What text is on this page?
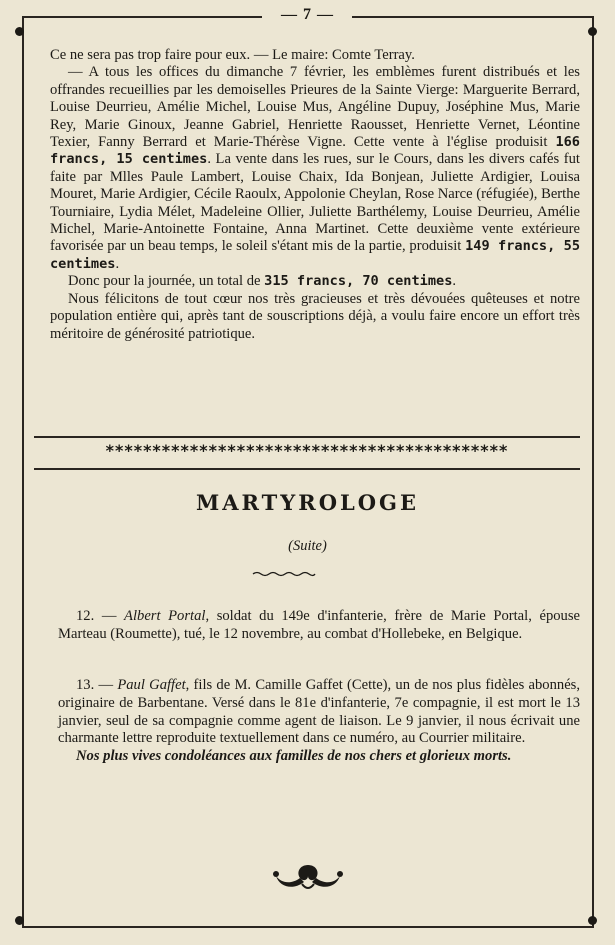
— 7 —

Ce ne sera pas trop faire pour eux. — Le maire: Comte Terray.

— A tous les offices du dimanche 7 février, les emblèmes furent distribués et les offrandes recueillies par les demoiselles Prieures de la Sainte Vierge: Marguerite Berrard, Louise Deurrieu, Amélie Michel, Louise Mus, Angéline Dupuy, Joséphine Mus, Marie Rey, Marie Ginoux, Jeanne Gabriel, Henriette Raousset, Henriette Vernet, Léontine Texier, Fanny Berrard et Marie-Thérèse Vigne. Cette vente à l'église produisit 166 francs, 15 centimes. La vente dans les rues, sur le Cours, dans les divers cafés fut faite par Mlles Paule Lambert, Louise Chaix, Ida Bonjean, Juliette Ardigier, Louisa Mouret, Marie Ardigier, Cécile Raoulx, Appolonie Cheylan, Rose Narce (réfugiée), Berthe Tourniaire, Lydia Mélet, Madeleine Ollier, Juliette Barthélemy, Louise Deurrieu, Amélie Michel, Marie-Antoinette Fontaine, Anna Martinet. Cette deuxième vente extérieure favorisée par un beau temps, le soleil s'étant mis de la partie, produisit 149 francs, 55 centimes.

Donc pour la journée, un total de 315 francs, 70 centimes.

Nous félicitons de tout cœur nos très gracieuses et très dévouées quêteuses et notre population entière qui, après tant de souscriptions déjà, a voulu faire encore un effort très méritoire de générosité patriotique.

*******************************************
MARTYROLOGE
(Suite)

12. — Albert Portal, soldat du 149e d'infanterie, frère de Marie Portal, épouse Marteau (Roumette), tué, le 12 novembre, au combat d'Hollebeke, en Belgique.

13. — Paul Gaffet, fils de M. Camille Gaffet (Cette), un de nos plus fidèles abonnés, originaire de Barbentane. Versé dans le 81e d'infanterie, 7e compagnie, il est mort le 13 janvier, seul de sa compagnie comme agent de liaison. Le 9 janvier, il nous écrivait une charmante lettre reproduite textuellement dans ce numéro, au Courrier militaire.

Nos plus vives condoléances aux familles de nos chers et glorieux morts.
